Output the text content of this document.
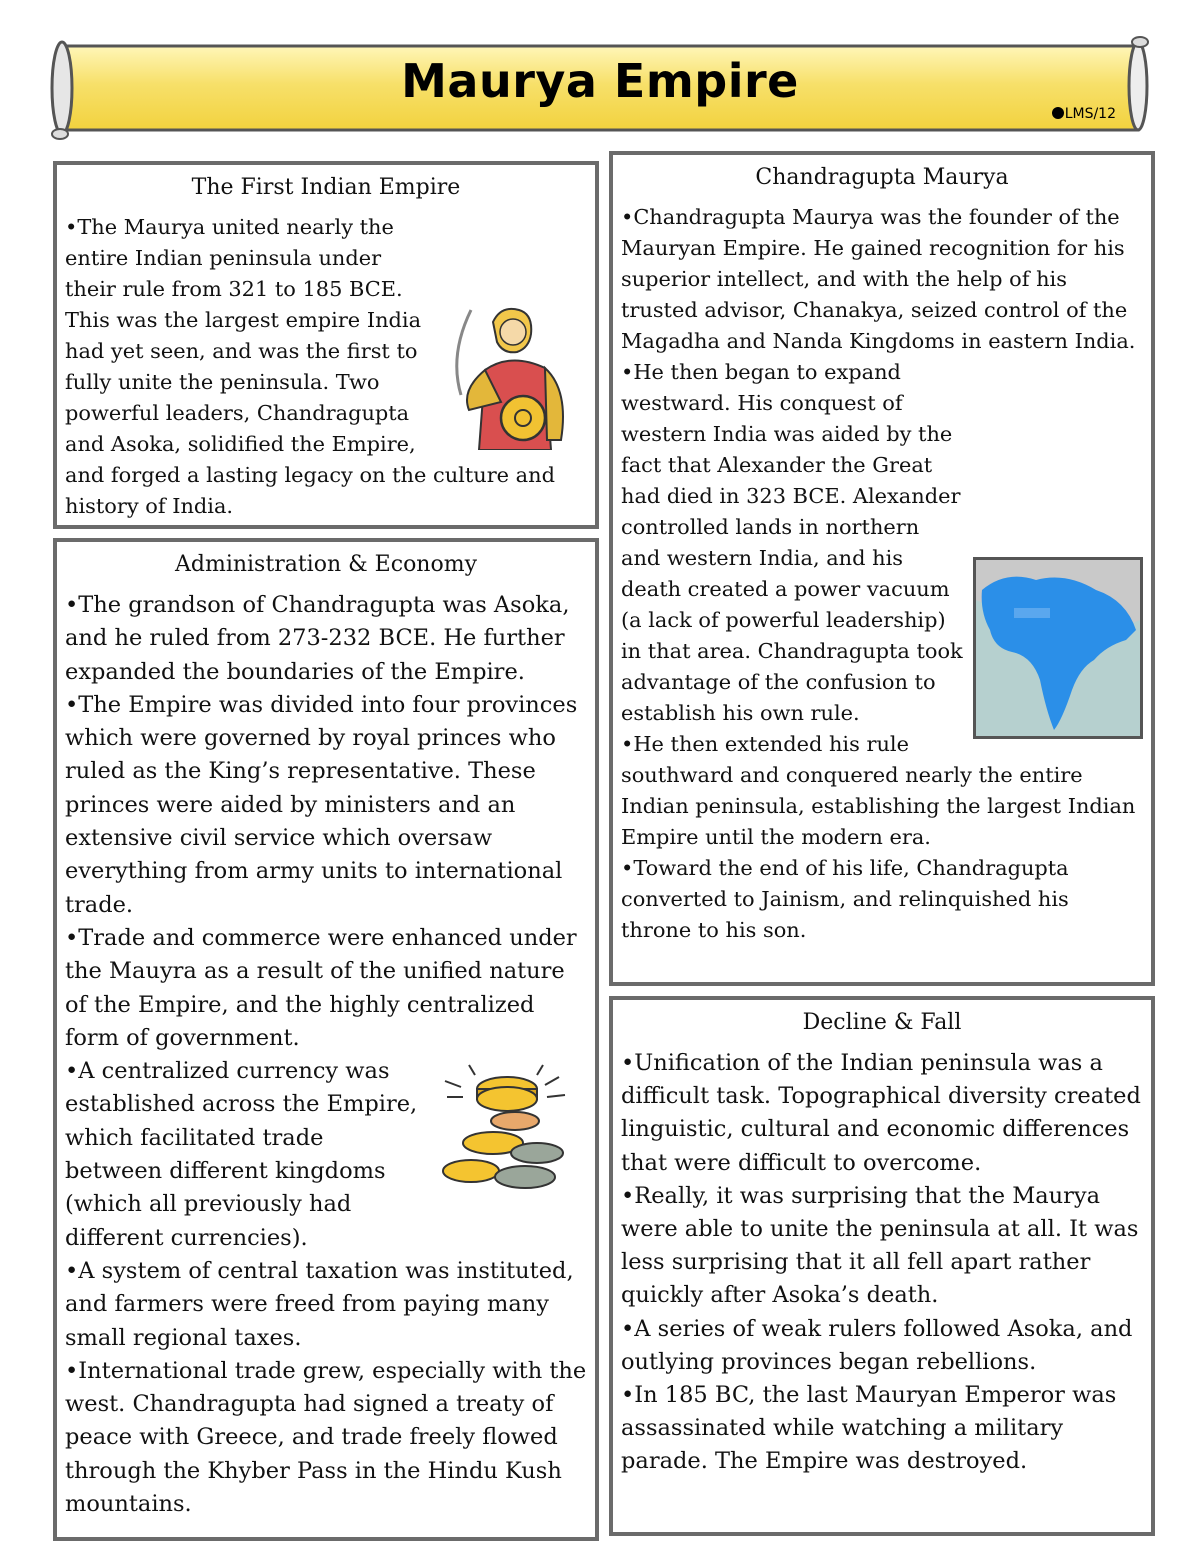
Maurya Empire
LMS/12
The First Indian Empire

•The Maurya united nearly the entire Indian peninsula under their rule from 321 to 185 BCE. This was the largest empire India had yet seen, and was the first to fully unite the peninsula. Two powerful leaders, Chandragupta and Asoka, solidified the Empire, and forged a lasting legacy on the culture and history of India.

Administration & Economy

•The grandson of Chandragupta was Asoka, and he ruled from 273-232 BCE. He further expanded the boundaries of the Empire.

•The Empire was divided into four provinces which were governed by royal princes who ruled as the King’s representative. These princes were aided by ministers and an extensive civil service which oversaw everything from army units to international trade.

•Trade and commerce were enhanced under the Mauyra as a result of the unified nature of the Empire, and the highly centralized form of government.

•A centralized currency was established across the Empire, which facilitated trade between different kingdoms (which all previously had different currencies).

•A system of central taxation was instituted, and farmers were freed from paying many small regional taxes.

•International trade grew, especially with the west. Chandragupta had signed a treaty of peace with Greece, and trade freely flowed through the Khyber Pass in the Hindu Kush mountains.

Chandragupta Maurya

•Chandragupta Maurya was the founder of the Mauryan Empire. He gained recognition for his superior intellect, and with the help of his trusted advisor, Chanakya, seized control of the Magadha and Nanda Kingdoms in eastern India.

•He then began to expand westward. His conquest of western India was aided by the fact that Alexander the Great had died in 323 BCE. Alexander controlled lands in northern and western India, and his death created a power vacuum (a lack of powerful leadership) in that area. Chandragupta took advantage of the confusion to establish his own rule.

•He then extended his rule southward and conquered nearly the entire Indian peninsula, establishing the largest Indian Empire until the modern era.

•Toward the end of his life, Chandragupta converted to Jainism, and relinquished his throne to his son.

Decline & Fall

•Unification of the Indian peninsula was a difficult task. Topographical diversity created linguistic, cultural and economic differences that were difficult to overcome.

•Really, it was surprising that the Maurya were able to unite the peninsula at all. It was less surprising that it all fell apart rather quickly after Asoka’s death.

•A series of weak rulers followed Asoka, and outlying provinces began rebellions.

•In 185 BC, the last Mauryan Emperor was assassinated while watching a military parade. The Empire was destroyed.
